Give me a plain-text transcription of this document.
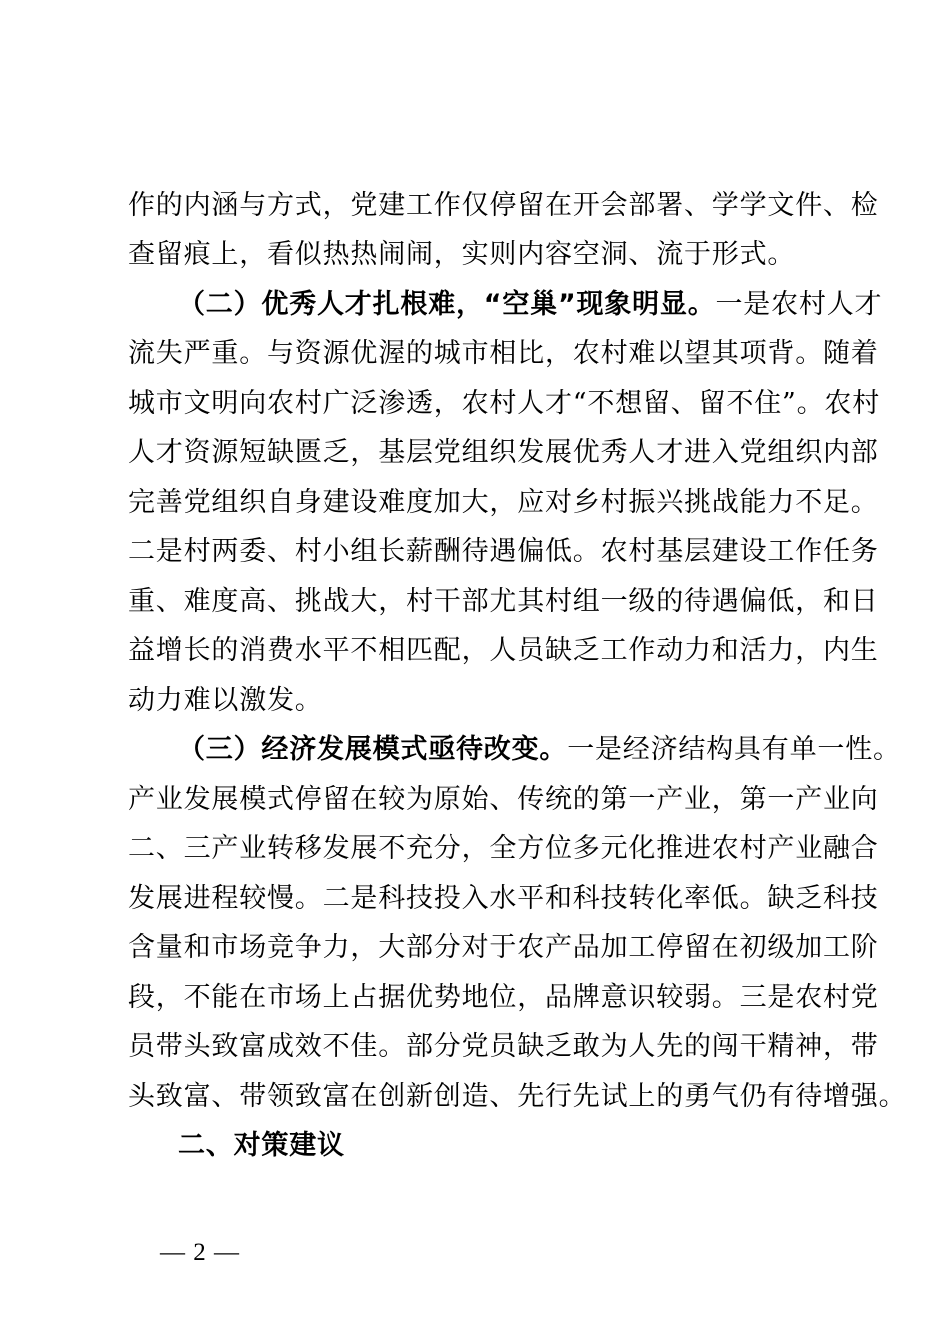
作的内涵与方式，党建工作仅停留在开会部署、学学文件、检
查留痕上，看似热热闹闹，实则内容空洞、流于形式。
（二）优秀人才扎根难，“空巢”现象明显。一是农村人才
流失严重。与资源优渥的城市相比，农村难以望其项背。随着
城市文明向农村广泛渗透，农村人才“不想留、留不住”。农村
人才资源短缺匮乏，基层党组织发展优秀人才进入党组织内部
完善党组织自身建设难度加大，应对乡村振兴挑战能力不足。
二是村两委、村小组长薪酬待遇偏低。农村基层建设工作任务
重、难度高、挑战大，村干部尤其村组一级的待遇偏低，和日
益增长的消费水平不相匹配，人员缺乏工作动力和活力，内生
动力难以激发。
（三）经济发展模式亟待改变。一是经济结构具有单一性。
产业发展模式停留在较为原始、传统的第一产业，第一产业向
二、三产业转移发展不充分，全方位多元化推进农村产业融合
发展进程较慢。二是科技投入水平和科技转化率低。缺乏科技
含量和市场竞争力，大部分对于农产品加工停留在初级加工阶
段，不能在市场上占据优势地位，品牌意识较弱。三是农村党
员带头致富成效不佳。部分党员缺乏敢为人先的闯干精神，带
头致富、带领致富在创新创造、先行先试上的勇气仍有待增强。
二、对策建议
— 2 —
